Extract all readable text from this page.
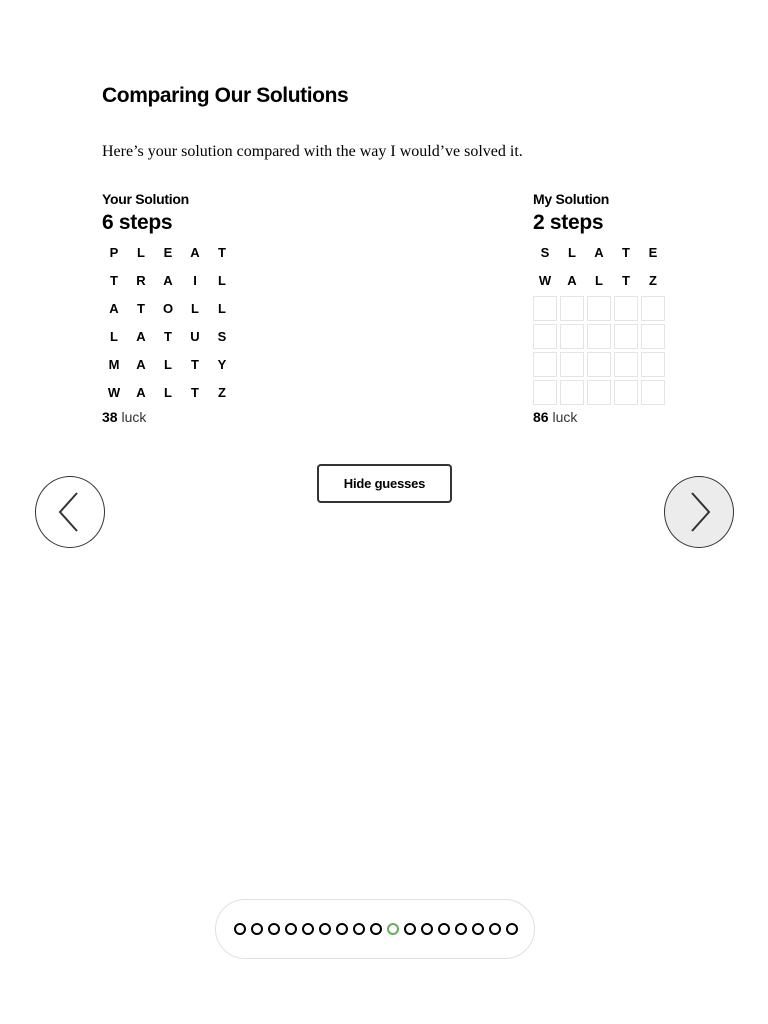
Comparing Our Solutions
Here’s your solution compared with the way I would’ve solved it.
Your Solution
6 steps
P	L	E	A	T
T	R	A	I	L
A	T	O	L	L
L	A	T	U	S
M	A	L	T	Y
W	A	L	T	Z
38 luck
My Solution
2 steps
S	L	A	T	E
W	A	L	T	Z
86 luck
Hide guesses
